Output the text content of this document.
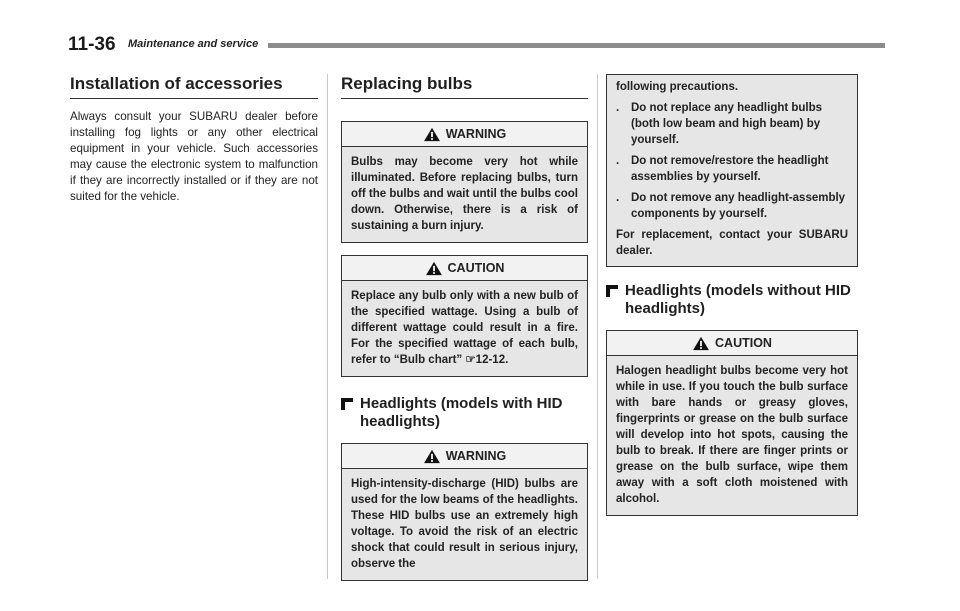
11-36 Maintenance and service
Installation of accessories

Always consult your SUBARU dealer before installing fog lights or any other electrical equipment in your vehicle. Such accessories may cause the electronic system to malfunction if they are incorrectly installed or if they are not suited for the vehicle.

Replacing bulbs
WARNING
Bulbs may become very hot while illuminated. Before replacing bulbs, turn off the bulbs and wait until the bulbs cool down. Otherwise, there is a risk of sustaining a burn injury.
CAUTION
Replace any bulb only with a new bulb of the specified wattage. Using a bulb of different wattage could result in a fire. For the specified wattage of each bulb, refer to “Bulb chart” ☞12-12.
Headlights (models with HID headlights)
WARNING
High-intensity-discharge (HID) bulbs are used for the low beams of the headlights. These HID bulbs use an extremely high voltage. To avoid the risk of an electric shock that could result in serious injury, observe the
following precautions.
. Do not replace any headlight bulbs (both low beam and high beam) by yourself.
. Do not remove/restore the headlight assemblies by yourself.
. Do not remove any headlight-assembly components by yourself.
For replacement, contact your SUBARU dealer.
Headlights (models without HID headlights)
CAUTION
Halogen headlight bulbs become very hot while in use. If you touch the bulb surface with bare hands or greasy gloves, fingerprints or grease on the bulb surface will develop into hot spots, causing the bulb to break. If there are finger prints or grease on the bulb surface, wipe them away with a soft cloth moistened with alcohol.
